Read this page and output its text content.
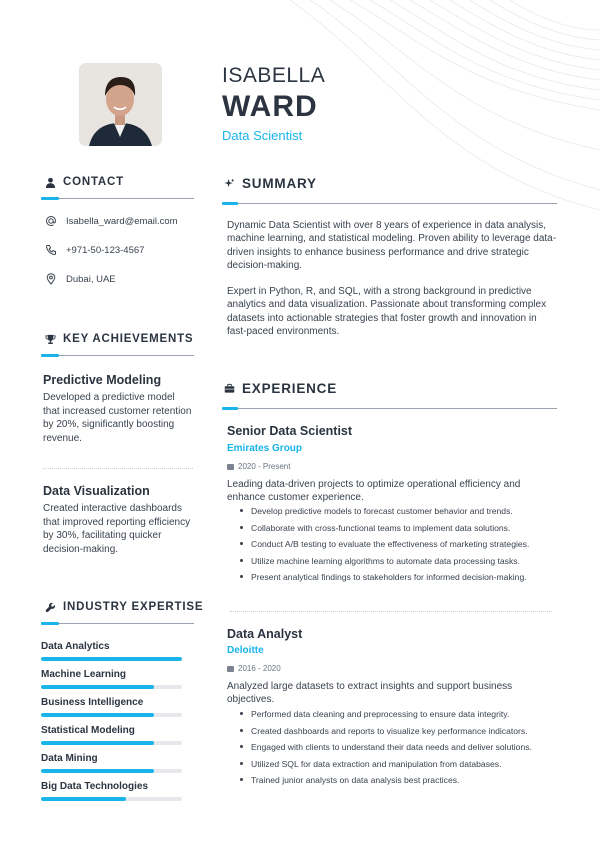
ISABELLA
WARD
Data Scientist
CONTACT
Isabella_ward@email.com
+971-50-123-4567
Dubai, UAE
KEY ACHIEVEMENTS
Predictive Modeling
Developed a predictive model that increased customer retention by 20%, significantly boosting revenue.
Data Visualization
Created interactive dashboards that improved reporting efficiency by 30%, facilitating quicker decision-making.
INDUSTRY EXPERTISE
Data Analytics
Machine Learning
Business Intelligence
Statistical Modeling
Data Mining
Big Data Technologies
SUMMARY
Dynamic Data Scientist with over 8 years of experience in data analysis, machine learning, and statistical modeling. Proven ability to leverage data-driven insights to enhance business performance and drive strategic decision-making.
Expert in Python, R, and SQL, with a strong background in predictive analytics and data visualization. Passionate about transforming complex datasets into actionable strategies that foster growth and innovation in fast-paced environments.
EXPERIENCE
Senior Data Scientist
Emirates Group
2020 - Present
Leading data-driven projects to optimize operational efficiency and enhance customer experience.
Develop predictive models to forecast customer behavior and trends.
Collaborate with cross-functional teams to implement data solutions.
Conduct A/B testing to evaluate the effectiveness of marketing strategies.
Utilize machine learning algorithms to automate data processing tasks.
Present analytical findings to stakeholders for informed decision-making.
Data Analyst
Deloitte
2016 - 2020
Analyzed large datasets to extract insights and support business objectives.
Performed data cleaning and preprocessing to ensure data integrity.
Created dashboards and reports to visualize key performance indicators.
Engaged with clients to understand their data needs and deliver solutions.
Utilized SQL for data extraction and manipulation from databases.
Trained junior analysts on data analysis best practices.
